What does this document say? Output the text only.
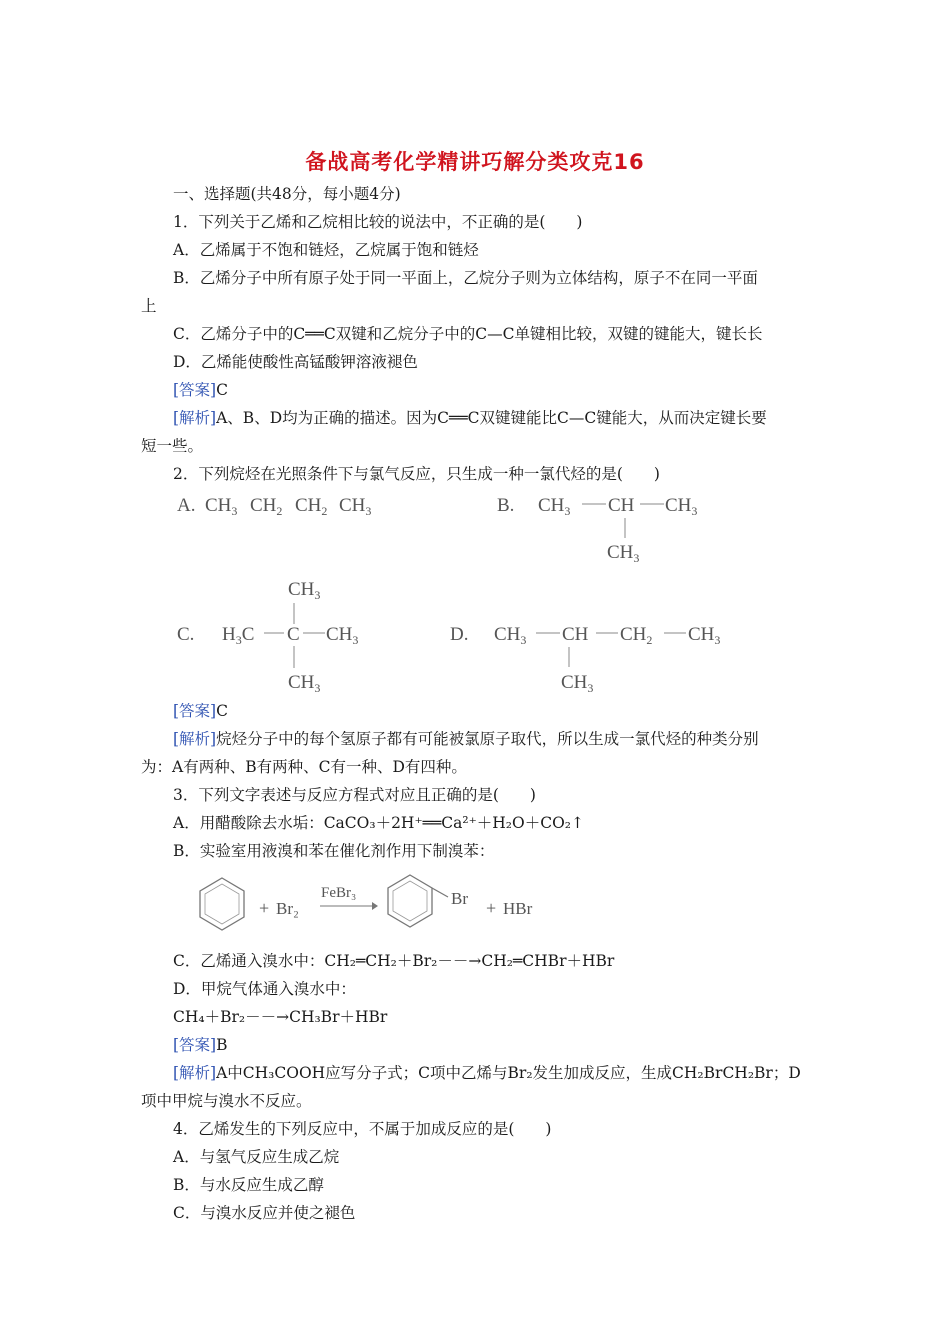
备战高考化学精讲巧解分类攻克16
一、选择题(共48分，每小题4分)
1．下列关于乙烯和乙烷相比较的说法中，不正确的是(　　)
A．乙烯属于不饱和链烃，乙烷属于饱和链烃
B．乙烯分子中所有原子处于同一平面上，乙烷分子则为立体结构，原子不在同一平面
上
C．乙烯分子中的C══C双键和乙烷分子中的C—C单键相比较，双键的键能大，键长长
D．乙烯能使酸性高锰酸钾溶液褪色
[答案]C
[解析]A、B、D均为正确的描述。因为C══C双键键能比C—C键能大，从而决定键长要
短一些。
2．下列烷烃在光照条件下与氯气反应，只生成一种一氯代烃的是(　　)
A. $CH_3$ $CH_2$ $CH_2$ $CH_3$	B. $CH_3$ CH $CH_3$
$CH_3$
$CH_3$
C. $H_3C$ C $CH_3$
$CH_3$
D. $CH_3$ CH $CH_2$ $CH_3$
$CH_3$
+ Br₂
FeBr₃	Br + HBr
[答案]C
[解析]烷烃分子中的每个氢原子都有可能被氯原子取代，所以生成一氯代烃的种类分别
为：A有两种、B有两种、C有一种、D有四种。
3．下列文字表述与反应方程式对应且正确的是(　　)
A．用醋酸除去水垢：CaCO₃＋2H⁺══Ca²⁺＋H₂O＋CO₂↑
B．实验室用液溴和苯在催化剂作用下制溴苯：
C．乙烯通入溴水中：CH₂═CH₂＋Br₂－－→CH₂═CHBr＋HBr
D．甲烷气体通入溴水中：
CH₄＋Br₂－－→CH₃Br＋HBr
[答案]B
[解析]A中CH₃COOH应写分子式；C项中乙烯与Br₂发生加成反应，生成CH₂BrCH₂Br；D
项中甲烷与溴水不反应。
4．乙烯发生的下列反应中，不属于加成反应的是(　　)
A．与氢气反应生成乙烷
B．与水反应生成乙醇
C．与溴水反应并使之褪色
